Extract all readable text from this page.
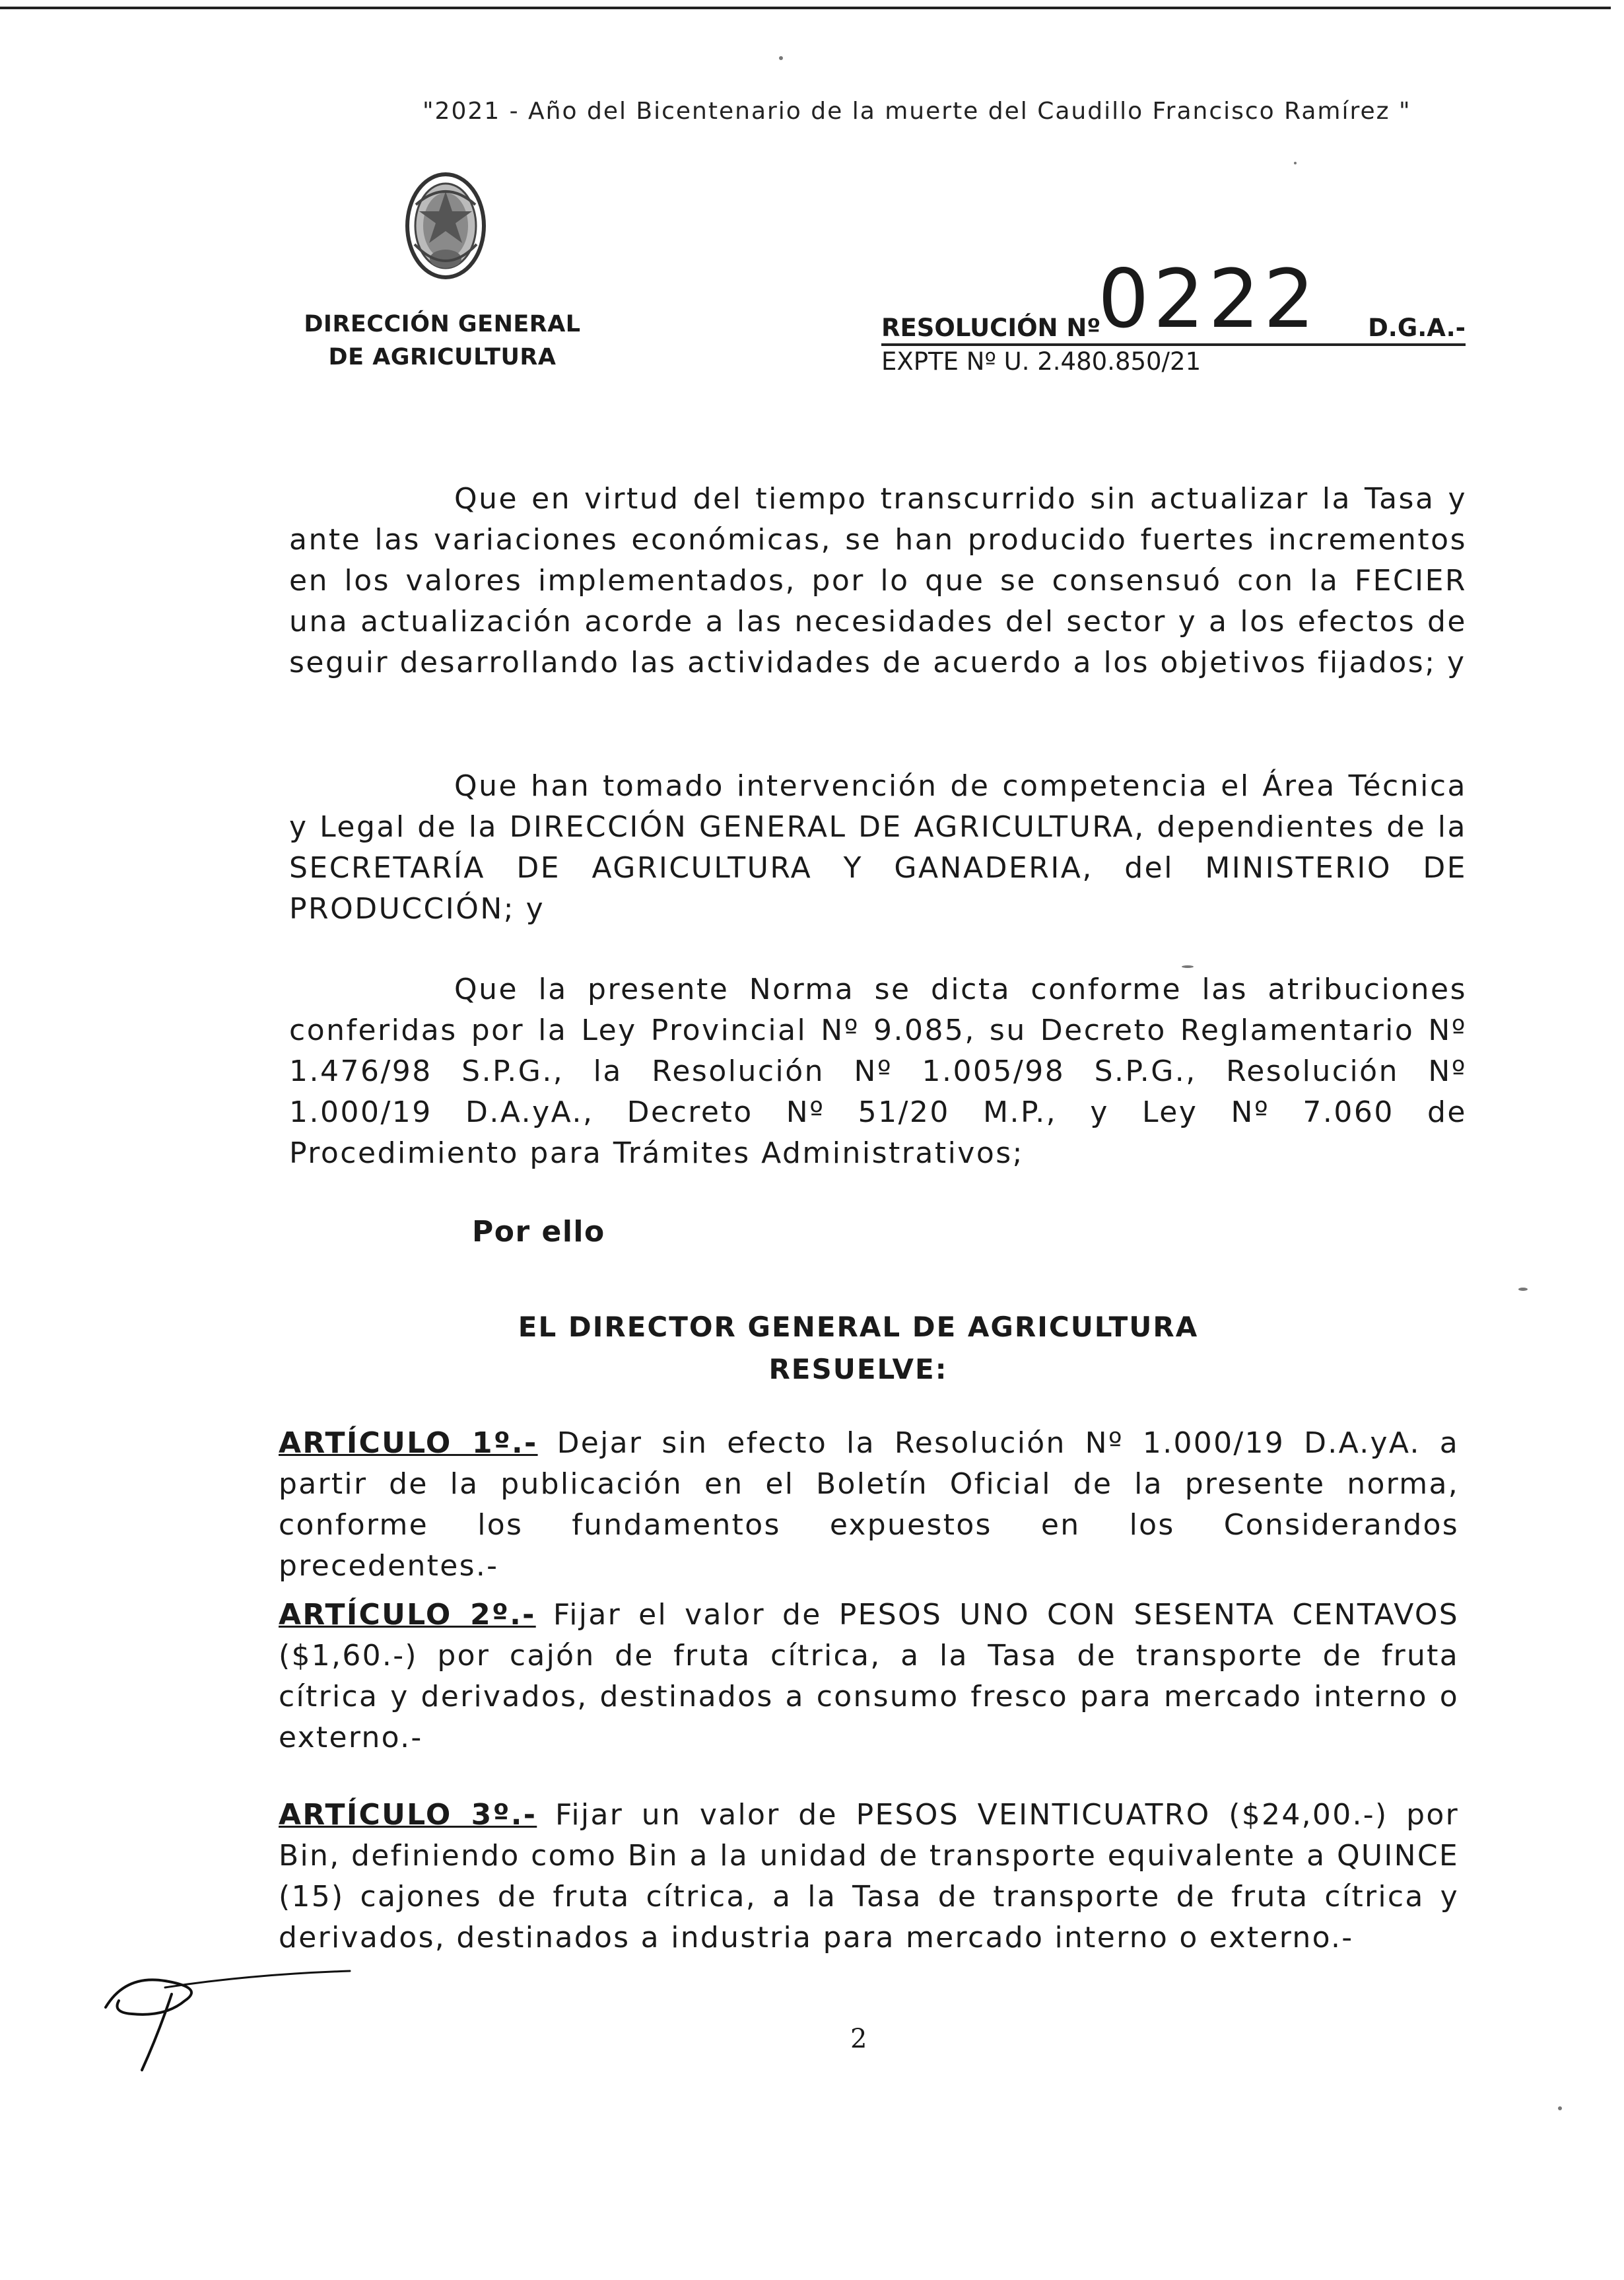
"2021 - Año del Bicentenario de la muerte del Caudillo Francisco Ramírez "
DIRECCIÓN GENERAL
DE AGRICULTURA
RESOLUCIÓN Nº
0222 D.G.A.-
EXPTE Nº U. 2.480.850/21
Que en virtud del tiempo transcurrido sin actualizar la Tasa y ante las variaciones económicas, se han producido fuertes incrementos en los valores implementados, por lo que se consensuó con la FECIER una actualización acorde a las necesidades del sector y a los efectos de seguir desarrollando las actividades de acuerdo a los objetivos fijados; y
Que han tomado intervención de competencia el Área Técnica y Legal de la DIRECCIÓN GENERAL DE AGRICULTURA, dependientes de la SECRETARÍA DE AGRICULTURA Y GANADERIA, del MINISTERIO DE PRODUCCIÓN; y
Que la presente Norma se dicta conforme las atribuciones conferidas por la Ley Provincial Nº 9.085, su Decreto Reglamentario Nº 1.476/98 S.P.G., la Resolución Nº 1.005/98 S.P.G., Resolución Nº 1.000/19 D.A.yA., Decreto Nº 51/20 M.P., y Ley Nº 7.060 de Procedimiento para Trámites Administrativos;
Por ello
EL DIRECTOR GENERAL DE AGRICULTURA
RESUELVE:
ARTÍCULO 1º.- Dejar sin efecto la Resolución Nº 1.000/19 D.A.yA. a partir de la publicación en el Boletín Oficial de la presente norma, conforme los fundamentos expuestos en los Considerandos precedentes.-
ARTÍCULO 2º.- Fijar el valor de PESOS UNO CON SESENTA CENTAVOS ($1,60.-) por cajón de fruta cítrica, a la Tasa de transporte de fruta cítrica y derivados, destinados a consumo fresco para mercado interno o externo.-
ARTÍCULO 3º.- Fijar un valor de PESOS VEINTICUATRO ($24,00.-) por Bin, definiendo como Bin a la unidad de transporte equivalente a QUINCE (15) cajones de fruta cítrica, a la Tasa de transporte de fruta cítrica y derivados, destinados a industria para mercado interno o externo.-
2
